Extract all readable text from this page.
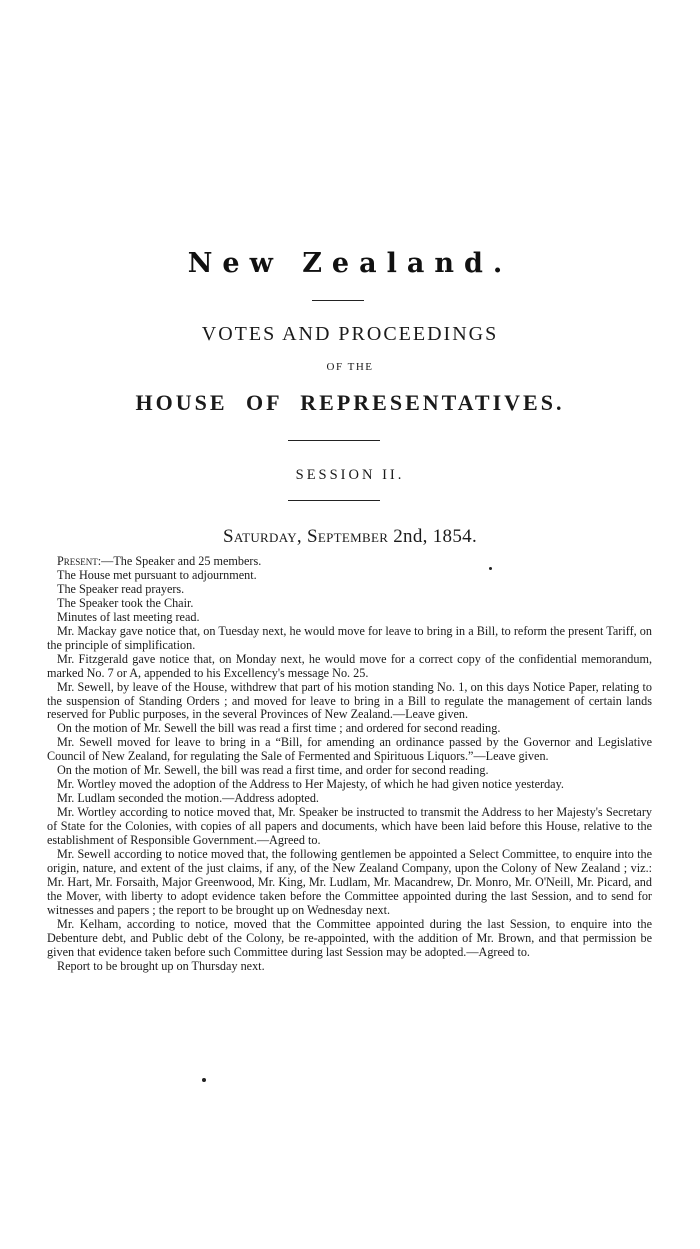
New Zealand.
VOTES AND PROCEEDINGS
OF THE
HOUSE OF REPRESENTATIVES.
SESSION II.
Saturday, September 2nd, 1854.

Present:—The Speaker and 25 members.

The House met pursuant to adjournment.

The Speaker read prayers.

The Speaker took the Chair.

Minutes of last meeting read.

Mr. Mackay gave notice that, on Tuesday next, he would move for leave to bring in a Bill, to reform the present Tariff, on the principle of simplification.

Mr. Fitzgerald gave notice that, on Monday next, he would move for a correct copy of the confidential memorandum, marked No. 7 or A, appended to his Excellency's message No. 25.

Mr. Sewell, by leave of the House, withdrew that part of his motion standing No. 1, on this days Notice Paper, relating to the suspension of Standing Orders ; and moved for leave to bring in a Bill to regulate the management of certain lands reserved for Public purposes, in the several Provinces of New Zealand.—Leave given.

On the motion of Mr. Sewell the bill was read a first time ; and ordered for second reading.

Mr. Sewell moved for leave to bring in a “Bill, for amending an ordinance passed by the Governor and Legislative Council of New Zealand, for regulating the Sale of Fermented and Spirituous Liquors.”—Leave given.

On the motion of Mr. Sewell, the bill was read a first time, and order for second reading.

Mr. Wortley moved the adoption of the Address to Her Majesty, of which he had given notice yesterday.

Mr. Ludlam seconded the motion.—Address adopted.

Mr. Wortley according to notice moved that, Mr. Speaker be instructed to transmit the Address to her Majesty's Secretary of State for the Colonies, with copies of all papers and documents, which have been laid before this House, relative to the establishment of Responsible Government.—Agreed to.

Mr. Sewell according to notice moved that, the following gentlemen be appointed a Select Committee, to enquire into the origin, nature, and extent of the just claims, if any, of the New Zealand Company, upon the Colony of New Zealand ; viz.: Mr. Hart, Mr. Forsaith, Major Greenwood, Mr. King, Mr. Ludlam, Mr. Macandrew, Dr. Monro, Mr. O'Neill, Mr. Picard, and the Mover, with liberty to adopt evidence taken before the Committee appointed during the last Session, and to send for witnesses and papers ; the report to be brought up on Wednesday next.

Mr. Kelham, according to notice, moved that the Committee appointed during the last Session, to enquire into the Debenture debt, and Public debt of the Colony, be re-appointed, with the addition of Mr. Brown, and that permission be given that evidence taken before such Committee during last Session may be adopted.—Agreed to.

Report to be brought up on Thursday next.
